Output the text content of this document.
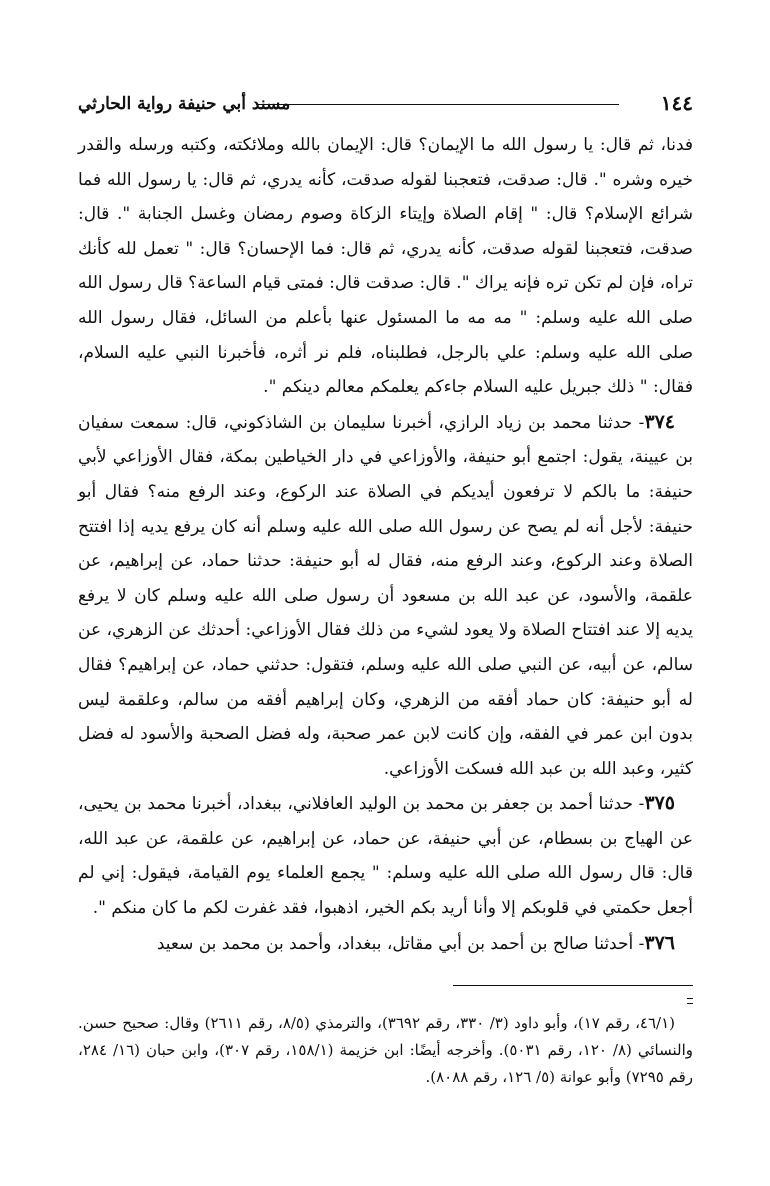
١٤٤
مسند أبي حنيفة رواية الحارثي

فدنا، ثم قال: يا رسول الله ما الإيمان؟ قال: الإيمان بالله وملائكته، وكتبه ورسله والقدر خيره وشره ". قال: صدقت، فتعجبنا لقوله صدقت، كأنه يدري، ثم قال: يا رسول الله فما شرائع الإسلام؟ قال: " إقام الصلاة وإيتاء الزكاة وصوم رمضان وغسل الجنابة ". قال: صدقت، فتعجبنا لقوله صدقت، كأنه يدري، ثم قال: فما الإحسان؟ قال: " تعمل لله كأنك تراه، فإن لم تكن تره فإنه يراك ". قال: صدقت قال: فمتى قيام الساعة؟ قال رسول الله صلى الله عليه وسلم: " مه مه ما المسئول عنها بأعلم من السائل، فقال رسول الله صلى الله عليه وسلم: علي بالرجل، فطلبناه، فلم نر أثره، فأخبرنا النبي عليه السلام، فقال: " ذلك جبريل عليه السلام جاءكم يعلمكم معالم دينكم ".

٣٧٤- حدثنا محمد بن زياد الرازي، أخبرنا سليمان بن الشاذكوني، قال: سمعت سفيان بن عيينة، يقول: اجتمع أبو حنيفة، والأوزاعي في دار الخياطين بمكة، فقال الأوزاعي لأبي حنيفة: ما بالكم لا ترفعون أيديكم في الصلاة عند الركوع، وعند الرفع منه؟ فقال أبو حنيفة: لأجل أنه لم يصح عن رسول الله صلى الله عليه وسلم أنه كان يرفع يديه إذا افتتح الصلاة وعند الركوع، وعند الرفع منه، فقال له أبو حنيفة: حدثنا حماد، عن إبراهيم، عن علقمة، والأسود، عن عبد الله بن مسعود أن رسول صلى الله عليه وسلم كان لا يرفع يديه إلا عند افتتاح الصلاة ولا يعود لشيء من ذلك فقال الأوزاعي: أحدثك عن الزهري، عن سالم، عن أبيه، عن النبي صلى الله عليه وسلم، فتقول: حدثني حماد، عن إبراهيم؟ فقال له أبو حنيفة: كان حماد أفقه من الزهري، وكان إبراهيم أفقه من سالم، وعلقمة ليس بدون ابن عمر في الفقه، وإن كانت لابن عمر صحبة، وله فضل الصحبة والأسود له فضل كثير، وعبد الله بن عبد الله فسكت الأوزاعي.

٣٧٥- حدثنا أحمد بن جعفر بن محمد بن الوليد العافلاني، ببغداد، أخبرنا محمد بن يحيى، عن الهياج بن بسطام، عن أبي حنيفة، عن حماد، عن إبراهيم، عن علقمة، عن عبد الله، قال: قال رسول الله صلى الله عليه وسلم: " يجمع العلماء يوم القيامة، فيقول: إني لم أجعل حكمتي في قلوبكم إلا وأنا أريد بكم الخير، اذهبوا، فقد غفرت لكم ما كان منكم ".

٣٧٦- أحدثنا صالح بن أحمد بن أبي مقاتل، ببغداد، وأحمد بن محمد بن سعيد

(٤٦/١، رقم ١٧)، وأبو داود (٣/ ٣٣٠، رقم ٣٦٩٢)، والترمذي (٨/٥، رقم ٢٦١١) وقال: صحيح حسن. والنسائي (٨/ ١٢٠، رقم ٥٠٣١). وأخرجه أيضًا: ابن خزيمة (١٥٨/١، رقم ٣٠٧)، وابن حبان (١٦/ ٢٨٤، رقم ٧٢٩٥) وأبو عوانة (٥/ ١٢٦، رقم ٨٠٨٨).
